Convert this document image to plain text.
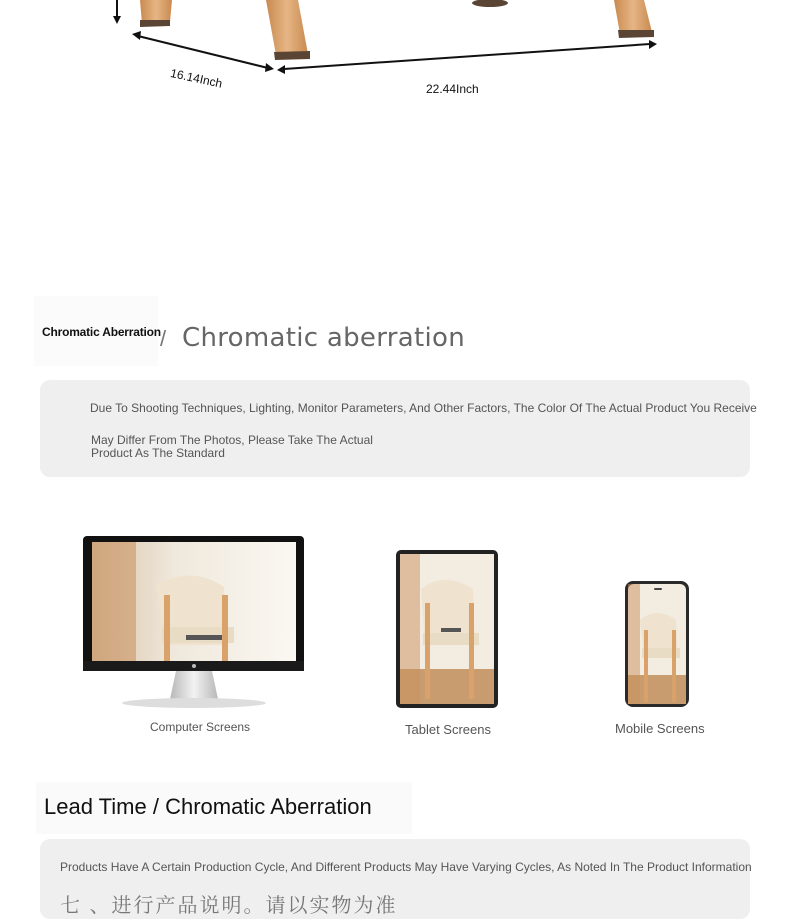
16.14Inch	22.44Inch
Chromatic Aberration / Chromatic aberration
Due To Shooting Techniques, Lighting, Monitor Parameters, And Other Factors, The Color Of The Actual Product You Receive
May Differ From The Photos, Please Take The Actual Product As The Standard
Computer Screens	Tablet Screens	Mobile Screens
Lead Time / Chromatic Aberration
Products Have A Certain Production Cycle, And Different Products May Have Varying Cycles, As Noted In The Product Information
七 、进行产品说明。请以实物为准
